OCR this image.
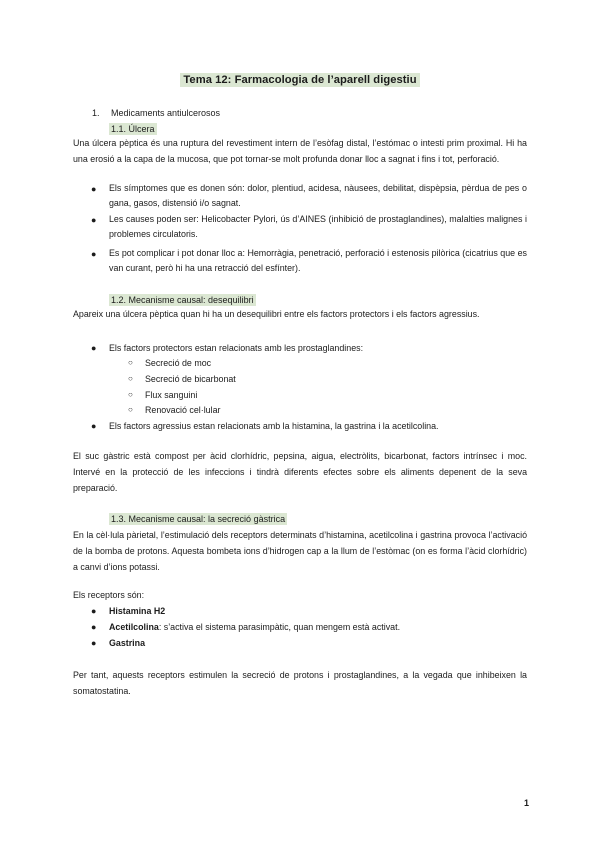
Tema 12: Farmacologia de l’aparell digestiu
1. Medicaments antiulcerosos
1.1. Úlcera
Una úlcera pèptica és una ruptura del revestiment intern de l’esòfag distal, l’estómac o intesti prim proximal. Hi ha una erosió a la capa de la mucosa, que pot tornar-se molt profunda donar lloc a sagnat i fins i tot, perforació.
● Els símptomes que es donen són: dolor, plentiud, acidesa, nàusees, debilitat, dispèpsia, pèrdua de pes o gana, gasos, distensió i/o sagnat.
● Les causes poden ser: Helicobacter Pylori, ús d’AINES (inhibició de prostaglandines), malalties malignes i problemes circulatoris.
● Es pot complicar i pot donar lloc a: Hemorràgia, penetració, perforació i estenosis pilòrica (cicatrius que es van curant, però hi ha una retracció del esfínter).
1.2. Mecanisme causal: desequilibri
Apareix una úlcera pèptica quan hi ha un desequilibri entre els factors protectors i els factors agressius.
● Els factors protectors estan relacionats amb les prostaglandines:
○ Secreció de moc
○ Secreció de bicarbonat
○ Flux sanguini
○ Renovació cel·lular
● Els factors agressius estan relacionats amb la histamina, la gastrina i la acetilcolina.
El suc gàstric està compost per àcid clorhídric, pepsina, aigua, electròlits, bicarbonat, factors intrínsec i moc. Intervé en la protecció de les infeccions i tindrà diferents efectes sobre els aliments depenent de la seva preparació.
1.3. Mecanisme causal: la secreció gàstrica
En la cèl·lula pàrietal, l’estimulació dels receptors determinats d’histamina, acetilcolina i gastrina provoca l’activació de la bomba de protons. Aquesta bombeta ions d’hidrogen cap a la llum de l’estòmac (on es forma l’àcid clorhídric) a canvi d’ions potassi.
Els receptors són:
● Histamina H2
● Acetilcolina: s’activa el sistema parasimpàtic, quan mengem està activat.
● Gastrina
Per tant, aquests receptors estimulen la secreció de protons i prostaglandines, a la vegada que inhibeixen la somatostatina.
1
